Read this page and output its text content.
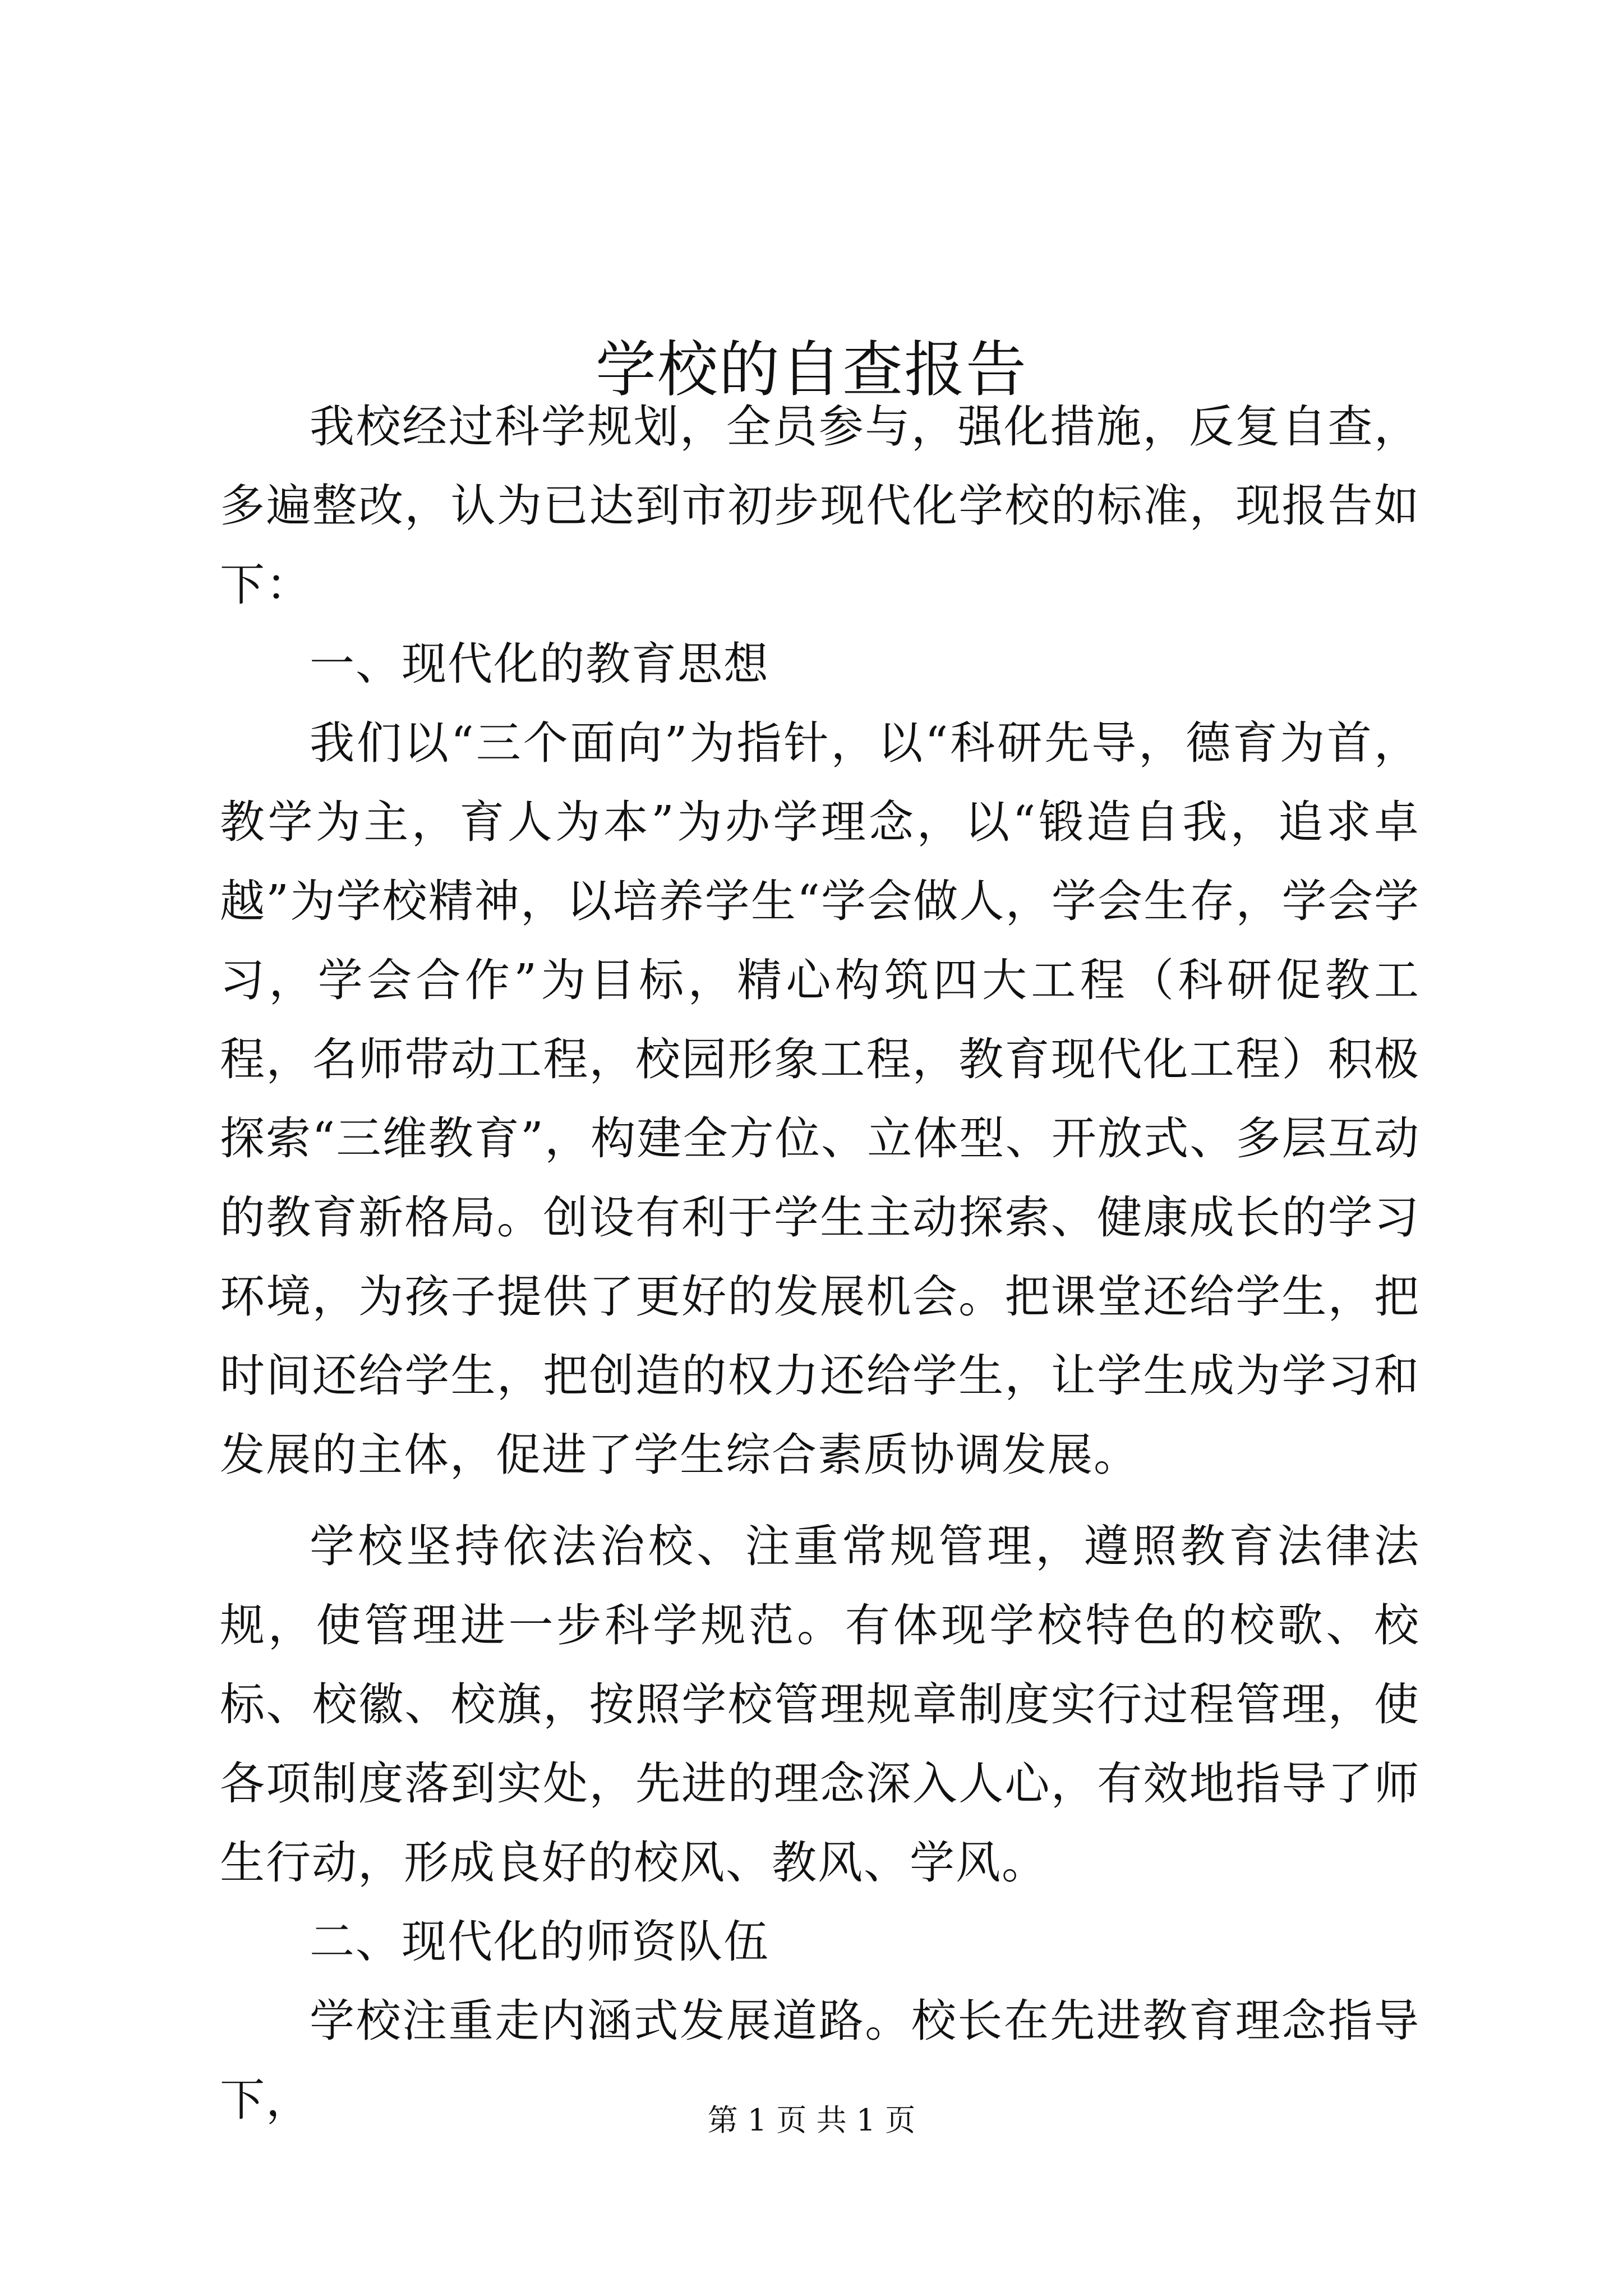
学校的自查报告

我校经过科学规划，全员参与，强化措施，反复自查，多遍整改，认为已达到市初步现代化学校的标准，现报告如下：

一、现代化的教育思想

我们以“三个面向”为指针，以“科研先导，德育为首，教学为主，育人为本”为办学理念，以“锻造自我，追求卓越”为学校精神，以培养学生“学会做人，学会生存，学会学习，学会合作”为目标，精心构筑四大工程（科研促教工程，名师带动工程，校园形象工程，教育现代化工程）积极探索“三维教育”，构建全方位、立体型、开放式、多层互动的教育新格局。创设有利于学生主动探索、健康成长的学习环境，为孩子提供了更好的发展机会。把课堂还给学生，把时间还给学生，把创造的权力还给学生，让学生成为学习和发展的主体，促进了学生综合素质协调发展。

学校坚持依法治校、注重常规管理，遵照教育法律法规，使管理进一步科学规范。有体现学校特色的校歌、校标、校徽、校旗，按照学校管理规章制度实行过程管理，使各项制度落到实处，先进的理念深入人心，有效地指导了师生行动，形成良好的校风、教风、学风。

二、现代化的师资队伍

学校注重走内涵式发展道路。校长在先进教育理念指导下，	第 1 页 共 1 页
